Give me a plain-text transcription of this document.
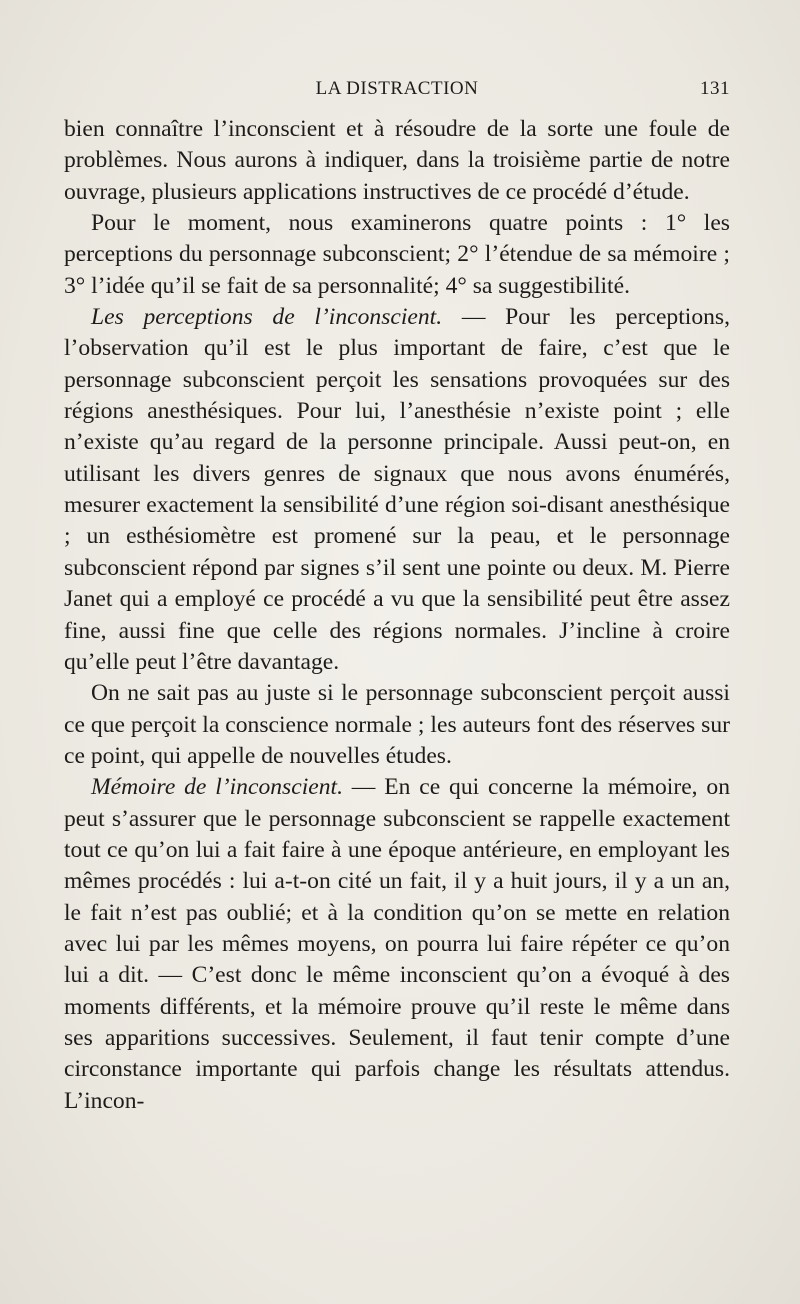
LA DISTRACTION	131

bien connaître l’inconscient et à résoudre de la sorte une foule de problèmes. Nous aurons à indiquer, dans la troisième partie de notre ouvrage, plusieurs applications instructives de ce procédé d’étude.

Pour le moment, nous examinerons quatre points : 1° les perceptions du personnage subconscient; 2° l’étendue de sa mémoire ; 3° l’idée qu’il se fait de sa personnalité; 4° sa suggestibilité.

Les perceptions de l’inconscient. — Pour les perceptions, l’observation qu’il est le plus important de faire, c’est que le personnage subconscient perçoit les sensations provoquées sur des régions anesthésiques. Pour lui, l’anesthésie n’existe point ; elle n’existe qu’au regard de la personne principale. Aussi peut-on, en utilisant les divers genres de signaux que nous avons énumérés, mesurer exactement la sensibilité d’une région soi-disant anesthésique ; un esthésiomètre est promené sur la peau, et le personnage subconscient répond par signes s’il sent une pointe ou deux. M. Pierre Janet qui a employé ce procédé a vu que la sensibilité peut être assez fine, aussi fine que celle des régions normales. J’incline à croire qu’elle peut l’être davantage.

On ne sait pas au juste si le personnage subconscient perçoit aussi ce que perçoit la conscience normale ; les auteurs font des réserves sur ce point, qui appelle de nouvelles études.

Mémoire de l’inconscient. — En ce qui concerne la mémoire, on peut s’assurer que le personnage subconscient se rappelle exactement tout ce qu’on lui a fait faire à une époque antérieure, en employant les mêmes procédés : lui a-t-on cité un fait, il y a huit jours, il y a un an, le fait n’est pas oublié; et à la condition qu’on se mette en relation avec lui par les mêmes moyens, on pourra lui faire répéter ce qu’on lui a dit. — C’est donc le même inconscient qu’on a évoqué à des moments différents, et la mémoire prouve qu’il reste le même dans ses apparitions successives. Seulement, il faut tenir compte d’une circonstance importante qui parfois change les résultats attendus. L’incon-
